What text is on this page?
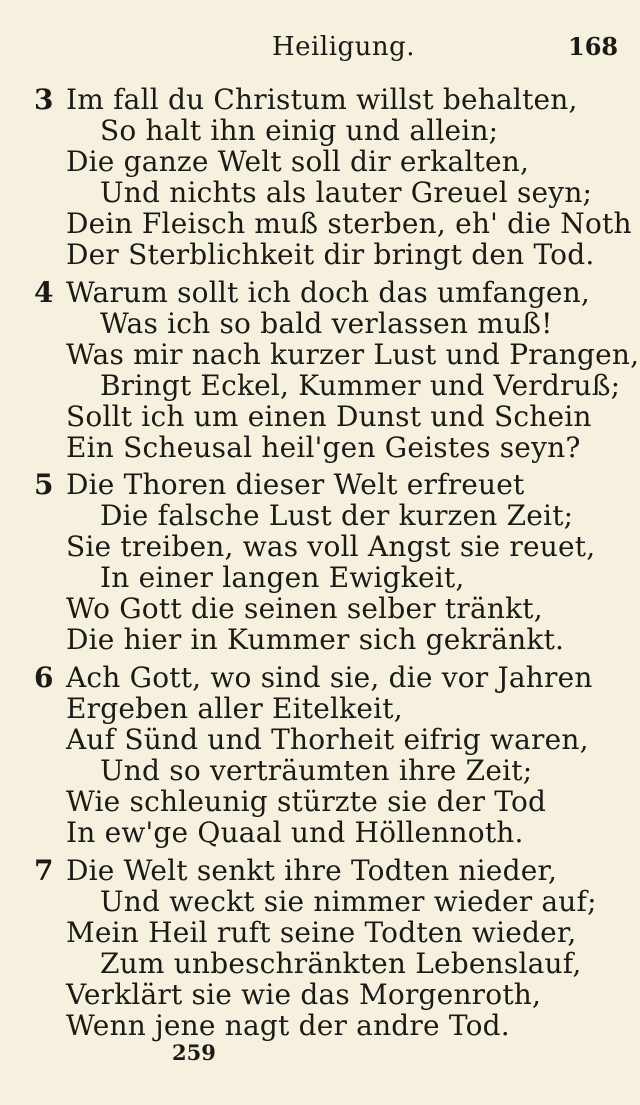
Heiligung.	168
3 Im fall du Christum willst behalten,
So halt ihn einig und allein;
Die ganze Welt soll dir erkalten,
Und nichts als lauter Greuel seyn;
Dein Fleisch muß sterben, eh' die Noth
Der Sterblichkeit dir bringt den Tod.
4 Warum sollt ich doch das umfangen,
Was ich so bald verlassen muß!
Was mir nach kurzer Lust und Prangen,
Bringt Eckel, Kummer und Verdruß;
Sollt ich um einen Dunst und Schein
Ein Scheusal heil'gen Geistes seyn?
5 Die Thoren dieser Welt erfreuet
Die falsche Lust der kurzen Zeit;
Sie treiben, was voll Angst sie reuet,
In einer langen Ewigkeit,
Wo Gott die seinen selber tränkt,
Die hier in Kummer sich gekränkt.
6 Ach Gott, wo sind sie, die vor Jahren
Ergeben aller Eitelkeit,
Auf Sünd und Thorheit eifrig waren,
Und so verträumten ihre Zeit;
Wie schleunig stürzte sie der Tod
In ew'ge Quaal und Höllennoth.
7 Die Welt senkt ihre Todten nieder,
Und weckt sie nimmer wieder auf;
Mein Heil ruft seine Todten wieder,
Zum unbeschränkten Lebenslauf,
Verklärt sie wie das Morgenroth,
Wenn jene nagt der andre Tod.
259
